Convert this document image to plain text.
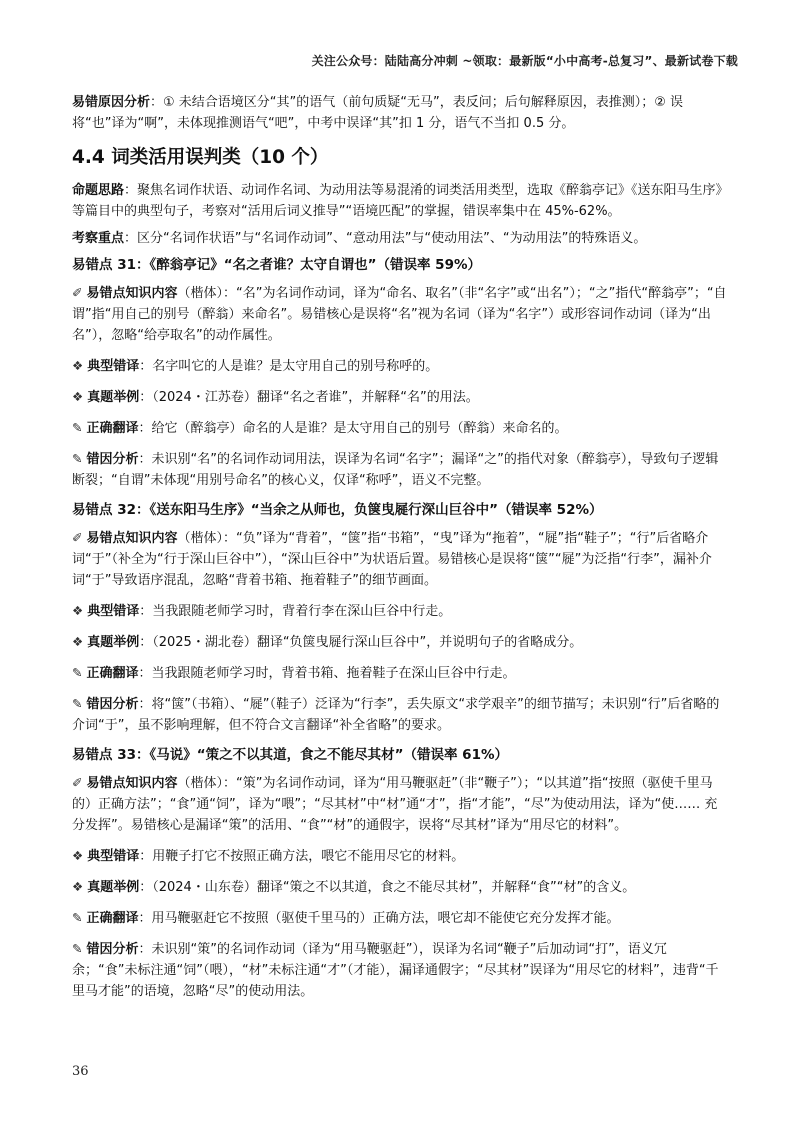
关注公众号：陆陆高分冲刺 ~领取：最新版“小中高考-总复习”、最新试卷下载

易错原因分析：① 未结合语境区分“其”的语气（前句质疑“无马”，表反问；后句解释原因，表推测）；② 误将“也”译为“啊”，未体现推测语气“吧”，中考中误译“其”扣 1 分，语气不当扣 0.5 分。

4.4 词类活用误判类（10 个）

命题思路：聚焦名词作状语、动词作名词、为动用法等易混淆的词类活用类型，选取《醉翁亭记》《送东阳马生序》等篇目中的典型句子，考察对“活用后词义推导”“语境匹配”的掌握，错误率集中在 45%-62%。

考察重点：区分“名词作状语”与“名词作动词”、“意动用法”与“使动用法”、“为动用法”的特殊语义。

易错点 31：《醉翁亭记》“名之者谁？太守自谓也”（错误率 59%）

✐ 易错点知识内容（楷体）：“名”为名词作动词，译为“命名、取名”（非“名字”或“出名”）；“之”指代“醉翁亭”；“自谓”指“用自己的别号（醉翁）来命名”。易错核心是误将“名”视为名词（译为“名字”）或形容词作动词（译为“出名”），忽略“给亭取名”的动作属性。

❖ 典型错译：名字叫它的人是谁？是太守用自己的别号称呼的。

❖ 真题举例：（2024・江苏卷）翻译“名之者谁”，并解释“名”的用法。

✎ 正确翻译：给它（醉翁亭）命名的人是谁？是太守用自己的别号（醉翁）来命名的。

✎ 错因分析：未识别“名”的名词作动词用法，误译为名词“名字”；漏译“之”的指代对象（醉翁亭），导致句子逻辑断裂；“自谓”未体现“用别号命名”的核心义，仅译“称呼”，语义不完整。

易错点 32：《送东阳马生序》“当余之从师也，负箧曳屣行深山巨谷中”（错误率 52%）

✐ 易错点知识内容（楷体）：“负”译为“背着”，“箧”指“书箱”，“曳”译为“拖着”，“屣”指“鞋子”；“行”后省略介词“于”（补全为“行于深山巨谷中”），“深山巨谷中”为状语后置。易错核心是误将“箧”“屣”为泛指“行李”，漏补介词“于”导致语序混乱，忽略“背着书箱、拖着鞋子”的细节画面。

❖ 典型错译：当我跟随老师学习时，背着行李在深山巨谷中行走。

❖ 真题举例：（2025・湖北卷）翻译“负箧曳屣行深山巨谷中”，并说明句子的省略成分。

✎ 正确翻译：当我跟随老师学习时，背着书箱、拖着鞋子在深山巨谷中行走。

✎ 错因分析：将“箧”（书箱）、“屣”（鞋子）泛译为“行李”，丢失原文“求学艰辛”的细节描写；未识别“行”后省略的介词“于”，虽不影响理解，但不符合文言翻译“补全省略”的要求。

易错点 33：《马说》“策之不以其道，食之不能尽其材”（错误率 61%）

✐ 易错点知识内容（楷体）：“策”为名词作动词，译为“用马鞭驱赶”（非“鞭子”）；“以其道”指“按照（驱使千里马的）正确方法”；“食”通“饲”，译为“喂”；“尽其材”中“材”通“才”，指“才能”，“尽”为使动用法，译为“使…… 充分发挥”。易错核心是漏译“策”的活用、“食”“材”的通假字，误将“尽其材”译为“用尽它的材料”。

❖ 典型错译：用鞭子打它不按照正确方法，喂它不能用尽它的材料。

❖ 真题举例：（2024・山东卷）翻译“策之不以其道，食之不能尽其材”，并解释“食”“材”的含义。

✎ 正确翻译：用马鞭驱赶它不按照（驱使千里马的）正确方法，喂它却不能使它充分发挥才能。

✎ 错因分析：未识别“策”的名词作动词（译为“用马鞭驱赶”），误译为名词“鞭子”后加动词“打”，语义冗余；“食”未标注通“饲”（喂），“材”未标注通“才”（才能），漏译通假字；“尽其材”误译为“用尽它的材料”，违背“千里马才能”的语境，忽略“尽”的使动用法。

36
